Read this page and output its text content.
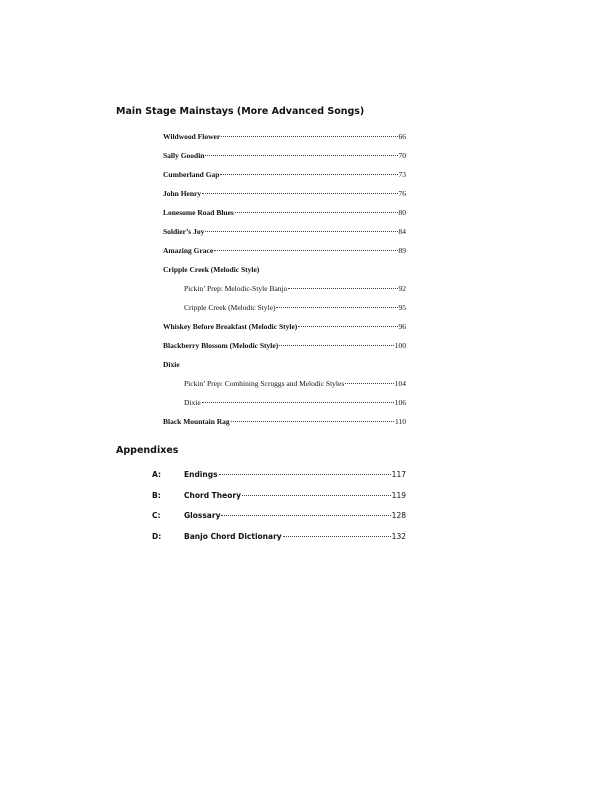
Main Stage Mainstays (More Advanced Songs)
Wildwood Flower	66
Sally Goodin	70
Cumberland Gap	73
John Henry	76
Lonesome Road Blues	80
Soldier’s Joy	84
Amazing Grace	89
Cripple Creek (Melodic Style)
Pickin’ Prep: Melodic-Style Banjo	92
Cripple Creek (Melodic Style)	95
Whiskey Before Breakfast (Melodic Style)	96
Blackberry Blossom (Melodic Style)	100
Dixie
Pickin’ Prep: Combining Scruggs and Melodic Styles	104
Dixie	106
Black Mountain Rag	110
Appendixes
A:	Endings	117
B:	Chord Theory	119
C:	Glossary	128
D:	Banjo Chord Dictionary	132
